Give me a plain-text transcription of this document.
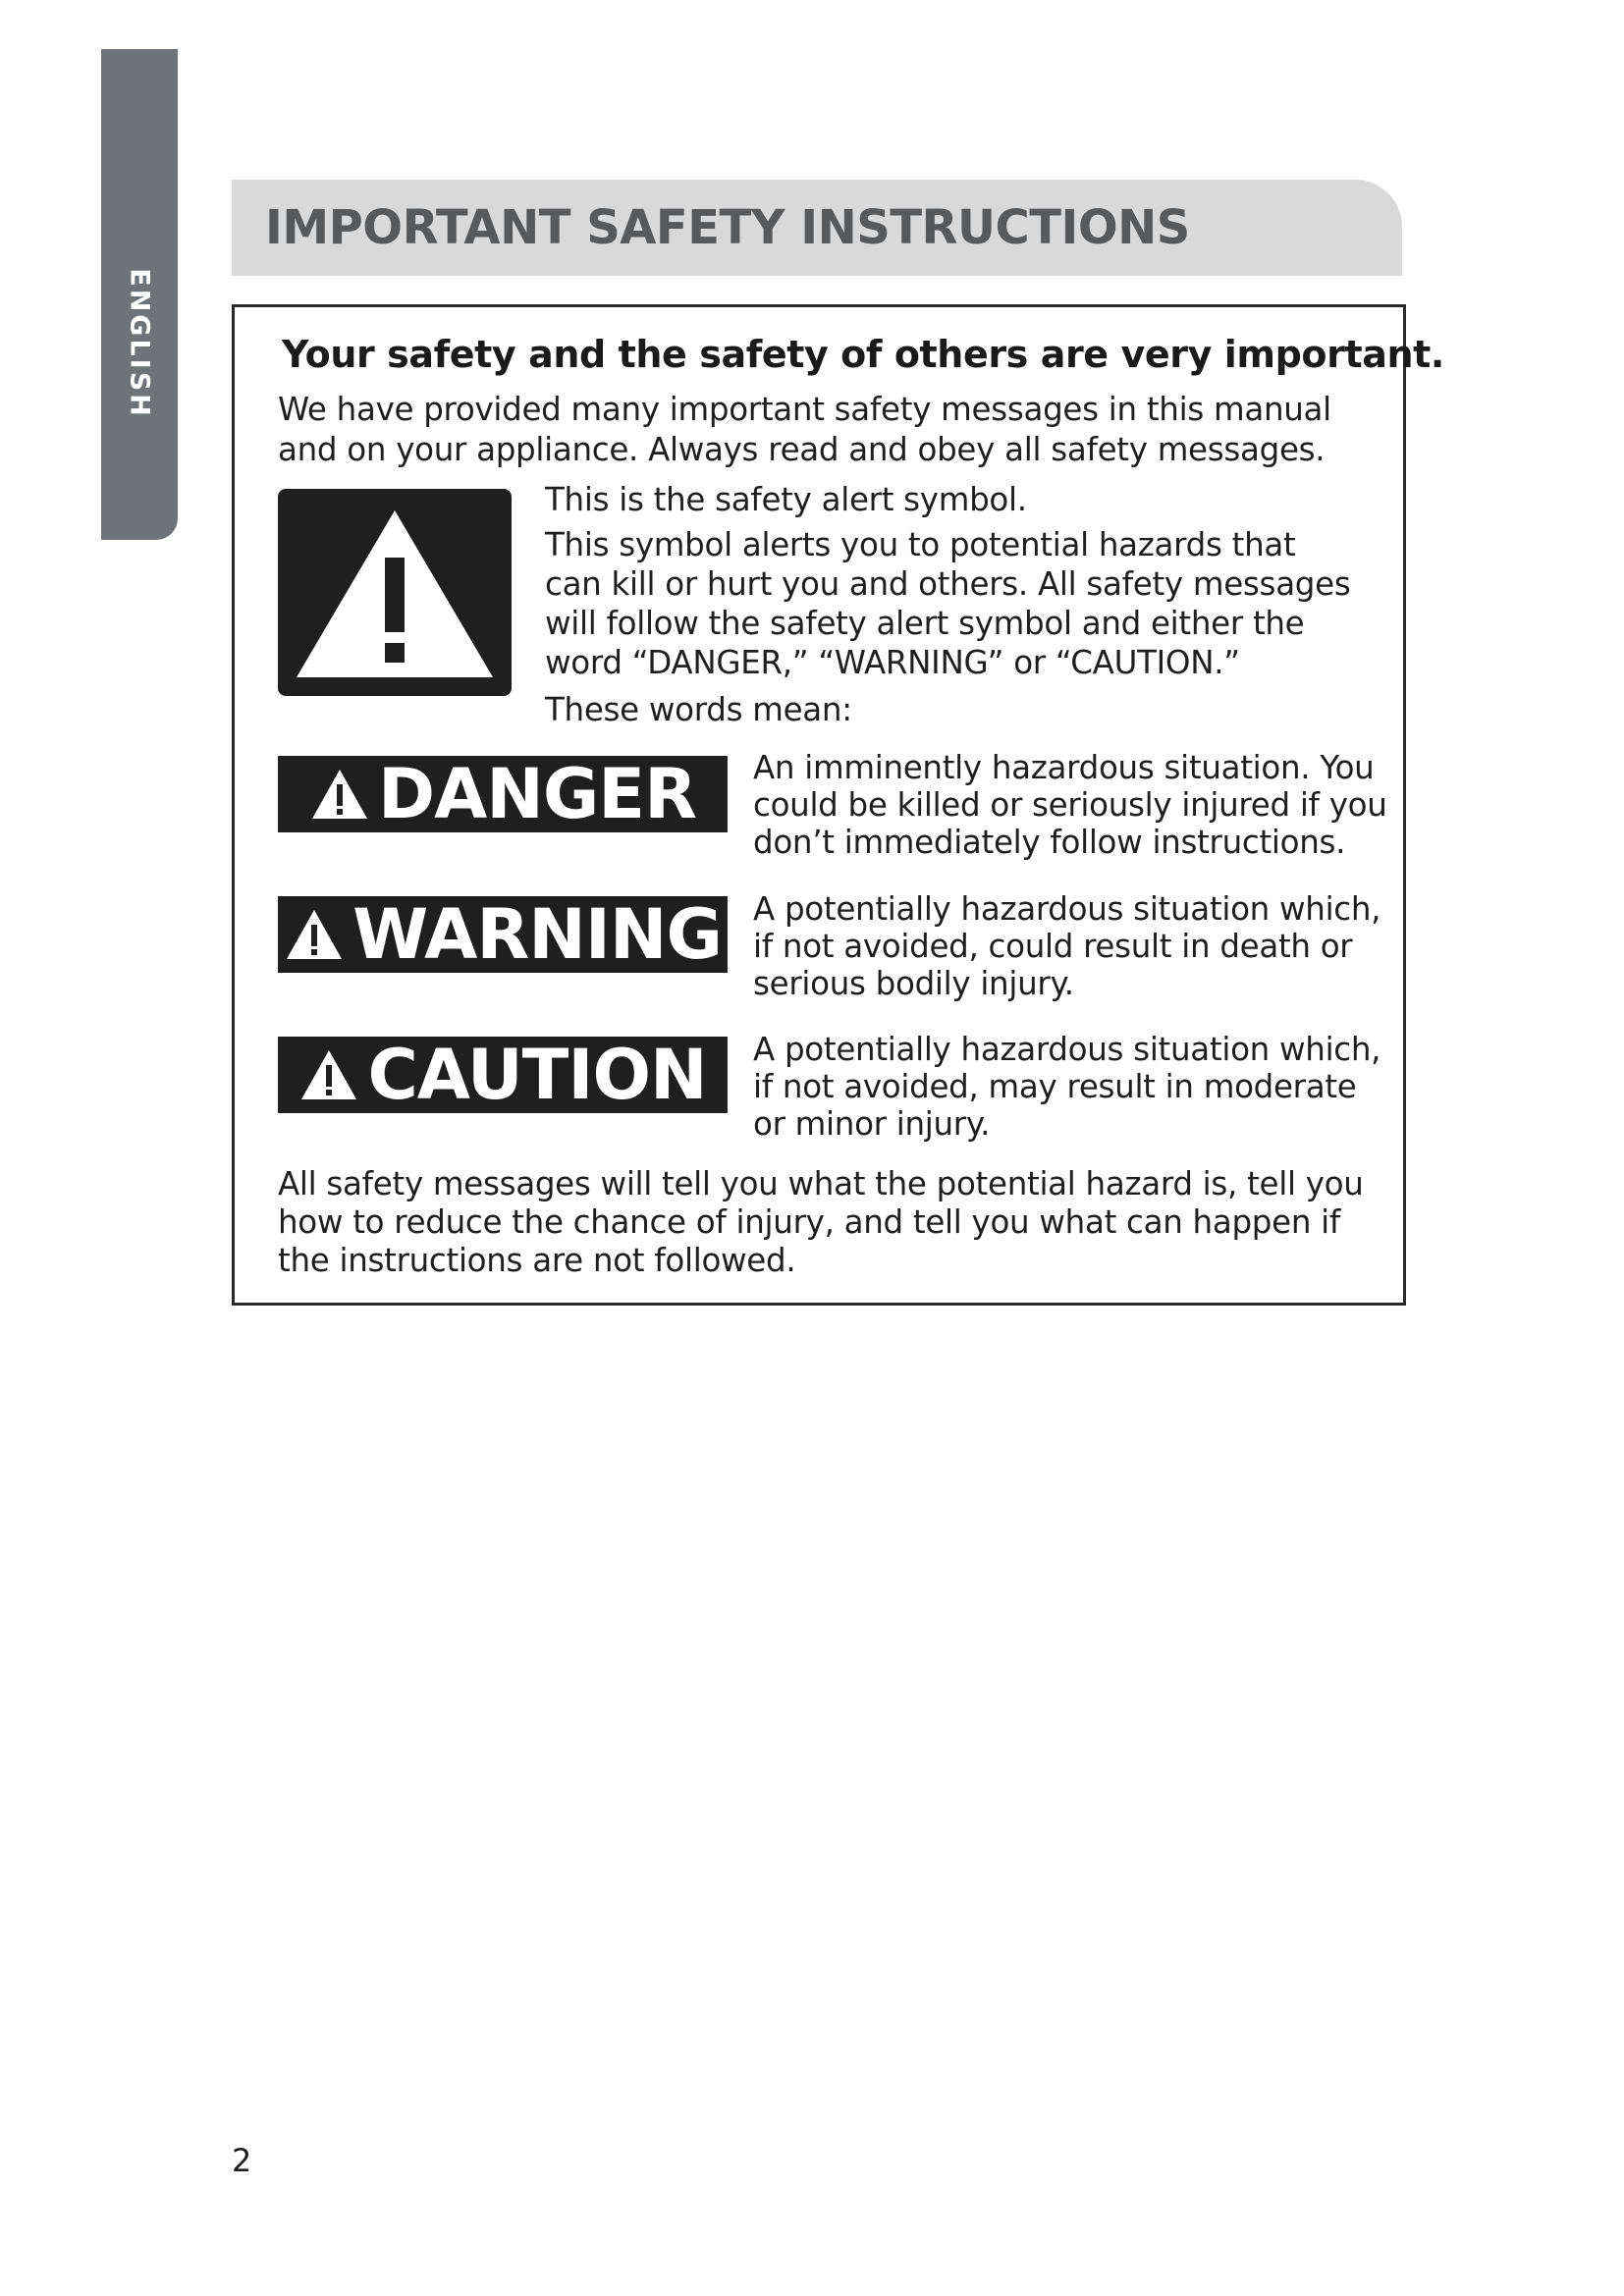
ENGLISH
IMPORTANT SAFETY INSTRUCTIONS
Your safety and the safety of others are very important.
We have provided many important safety messages in this manual and on your appliance. Always read and obey all safety messages.
This is the safety alert symbol.
This symbol alerts you to potential hazards that can kill or hurt you and others. All safety messages will follow the safety alert symbol and either the word “DANGER,” “WARNING” or “CAUTION.”
These words mean:
DANGER An imminently hazardous situation. You could be killed or seriously injured if you don’t immediately follow instructions.
WARNING A potentially hazardous situation which, if not avoided, could result in death or serious bodily injury.
CAUTION A potentially hazardous situation which, if not avoided, may result in moderate or minor injury.
All safety messages will tell you what the potential hazard is, tell you how to reduce the chance of injury, and tell you what can happen if the instructions are not followed.
2
